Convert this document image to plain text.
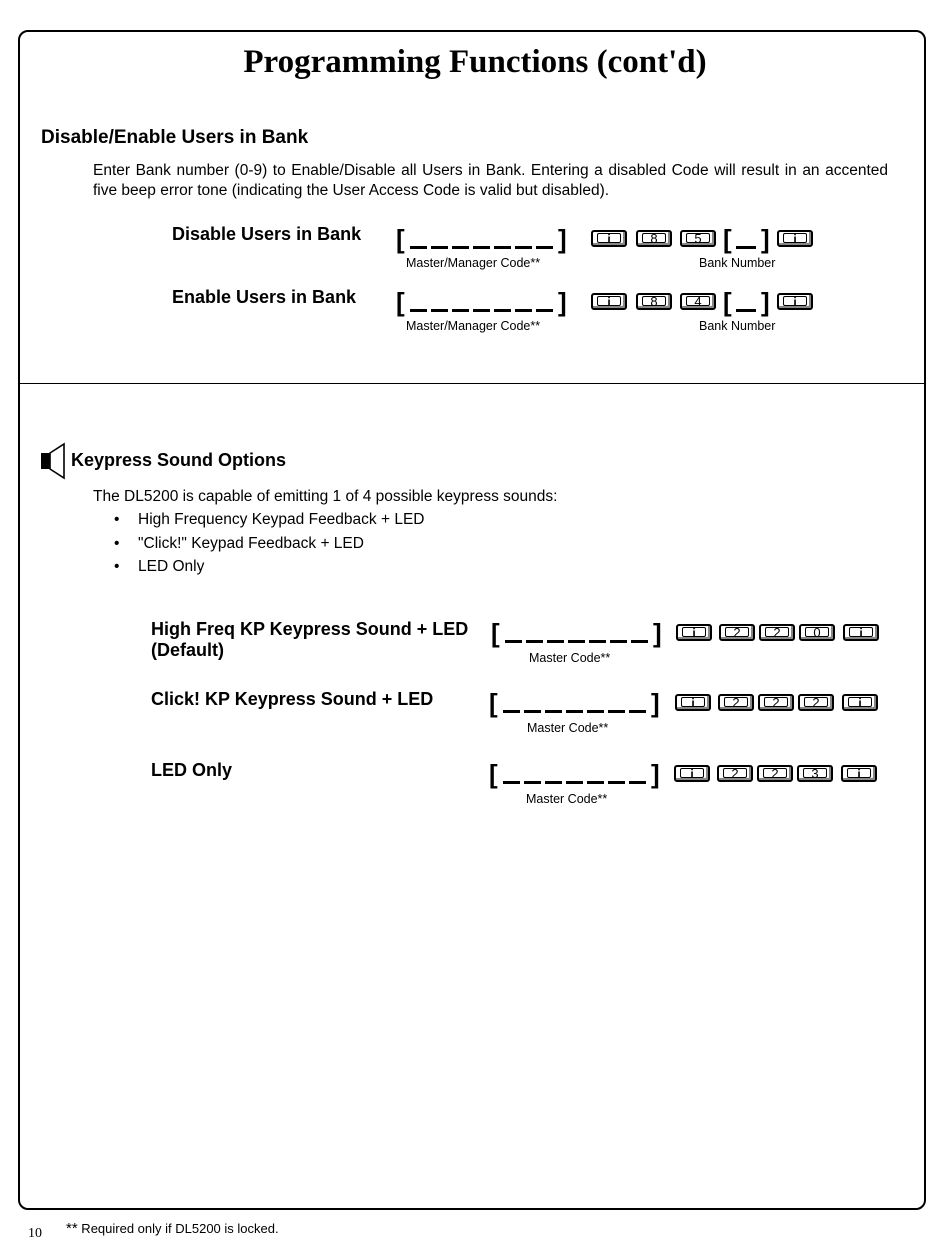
Programming Functions (cont'd)
Disable/Enable Users in Bank
Enter Bank number (0-9) to Enable/Disable all Users in Bank. Entering a disabled Code will result in an accented five beep error tone (indicating the User Access Code is valid but disabled).
Disable Users in Bank [	]
Master/Manager Code**
i	8	5 [ ]
Bank Number
i
Enable Users in Bank [	]
Master/Manager Code**
i	8	4 [ ]
Bank Number
i
Keypress Sound Options
The DL5200 is capable of emitting 1 of 4 possible keypress sounds:
• High Frequency Keypad Feedback + LED
• "Click!" Keypad Feedback + LED
• LED Only
High Freq KP Keypress Sound + LED
(Default)
[	]
Master Code**
i	2	2	0	i
Click! KP Keypress Sound + LED [	]
Master Code**
i	2	2	2	i
LED Only	[	]
Master Code**
i	2	2	3	i
10 ** Required only if DL5200 is locked.
